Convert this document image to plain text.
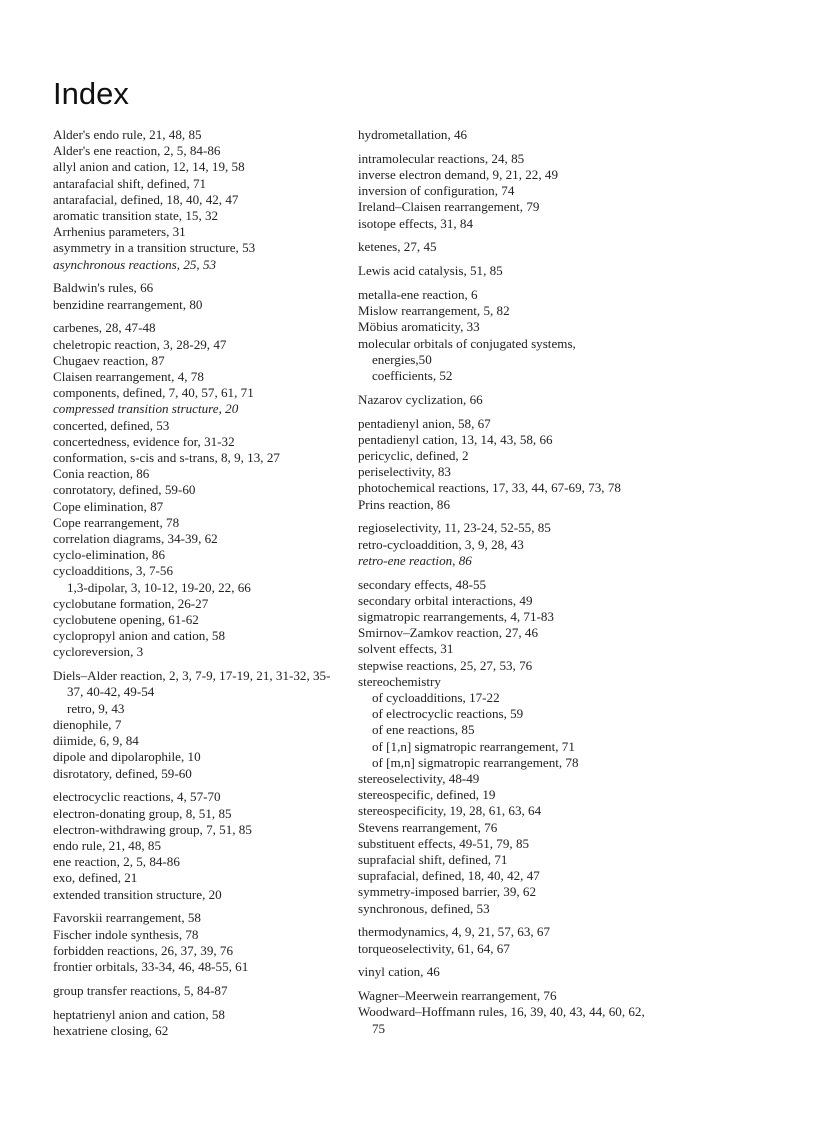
Index
Alder's endo rule, 21, 48, 85
Alder's ene reaction, 2, 5, 84-86
allyl anion and cation, 12, 14, 19, 58
antarafacial shift, defined, 71
antarafacial, defined, 18, 40, 42, 47
aromatic transition state, 15, 32
Arrhenius parameters, 31
asymmetry in a transition structure, 53
asynchronous reactions, 25, 53
Baldwin's rules, 66
benzidine rearrangement, 80
carbenes, 28, 47-48
cheletropic reaction, 3, 28-29, 47
Chugaev reaction, 87
Claisen rearrangement, 4, 78
components, defined, 7, 40, 57, 61, 71
compressed transition structure, 20
concerted, defined, 53
concertedness, evidence for, 31-32
conformation, s-cis and s-trans, 8, 9, 13, 27
Conia reaction, 86
conrotatory, defined, 59-60
Cope elimination, 87
Cope rearrangement, 78
correlation diagrams, 34-39, 62
cyclo-elimination, 86
cycloadditions, 3, 7-56
1,3-dipolar, 3, 10-12, 19-20, 22, 66
cyclobutane formation, 26-27
cyclobutene opening, 61-62
cyclopropyl anion and cation, 58
cycloreversion, 3
Diels–Alder reaction, 2, 3, 7-9, 17-19, 21, 31-32, 35-37, 40-42, 49-54
retro, 9, 43
dienophile, 7
diimide, 6, 9, 84
dipole and dipolarophile, 10
disrotatory, defined, 59-60
electrocyclic reactions, 4, 57-70
electron-donating group, 8, 51, 85
electron-withdrawing group, 7, 51, 85
endo rule, 21, 48, 85
ene reaction, 2, 5, 84-86
exo, defined, 21
extended transition structure, 20
Favorskii rearrangement, 58
Fischer indole synthesis, 78
forbidden reactions, 26, 37, 39, 76
frontier orbitals, 33-34, 46, 48-55, 61
group transfer reactions, 5, 84-87
heptatrienyl anion and cation, 58
hexatriene closing, 62
hydrometallation, 46
intramolecular reactions, 24, 85
inverse electron demand, 9, 21, 22, 49
inversion of configuration, 74
Ireland–Claisen rearrangement, 79
isotope effects, 31, 84
ketenes, 27, 45
Lewis acid catalysis, 51, 85
metalla-ene reaction, 6
Mislow rearrangement, 5, 82
Möbius aromaticity, 33
molecular orbitals of conjugated systems,
energies,50
coefficients, 52
Nazarov cyclization, 66
pentadienyl anion, 58, 67
pentadienyl cation, 13, 14, 43, 58, 66
pericyclic, defined, 2
periselectivity, 83
photochemical reactions, 17, 33, 44, 67-69, 73, 78
Prins reaction, 86
regioselectivity, 11, 23-24, 52-55, 85
retro-cycloaddition, 3, 9, 28, 43
retro-ene reaction, 86
secondary effects, 48-55
secondary orbital interactions, 49
sigmatropic rearrangements, 4, 71-83
Smirnov–Zamkov reaction, 27, 46
solvent effects, 31
stepwise reactions, 25, 27, 53, 76
stereochemistry
of cycloadditions, 17-22
of electrocyclic reactions, 59
of ene reactions, 85
of [1,n] sigmatropic rearrangement, 71
of [m,n] sigmatropic rearrangement, 78
stereoselectivity, 48-49
stereospecific, defined, 19
stereospecificity, 19, 28, 61, 63, 64
Stevens rearrangement, 76
substituent effects, 49-51, 79, 85
suprafacial shift, defined, 71
suprafacial, defined, 18, 40, 42, 47
symmetry-imposed barrier, 39, 62
synchronous, defined, 53
thermodynamics, 4, 9, 21, 57, 63, 67
torqueoselectivity, 61, 64, 67
vinyl cation, 46
Wagner–Meerwein rearrangement, 76
Woodward–Hoffmann rules, 16, 39, 40, 43, 44, 60, 62, 75
